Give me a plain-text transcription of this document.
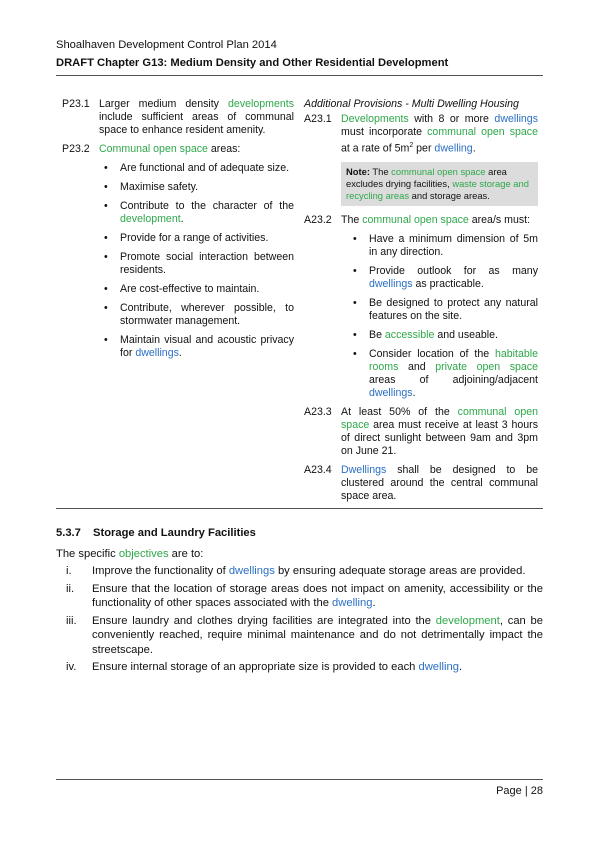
Shoalhaven Development Control Plan 2014
DRAFT Chapter G13: Medium Density and Other Residential Development
P23.1 Larger medium density developments include sufficient areas of communal space to enhance resident amenity.
P23.2 Communal open space areas:
• Are functional and of adequate size.
• Maximise safety.
• Contribute to the character of the development.
• Provide for a range of activities.
• Promote social interaction between residents.
• Are cost-effective to maintain.
• Contribute, wherever possible, to stormwater management.
• Maintain visual and acoustic privacy for dwellings.
Additional Provisions - Multi Dwelling Housing
A23.1 Developments with 8 or more dwellings must incorporate communal open space at a rate of $5m^2$ per dwelling.
Note: The communal open space area excludes drying facilities, waste storage and recycling areas and storage areas.
A23.2 The communal open space area/s must:
• Have a minimum dimension of 5m in any direction.
• Provide outlook for as many dwellings as practicable.
• Be designed to protect any natural features on the site.
• Be accessible and useable.
• Consider location of the habitable rooms and private open space areas of adjoining/adjacent dwellings.
A23.3 At least 50% of the communal open space area must receive at least 3 hours of direct sunlight between 9am and 3pm on June 21.
A23.4 Dwellings shall be designed to be clustered around the central communal space area.
5.3.7 Storage and Laundry Facilities
The specific objectives are to:
i.	Improve the functionality of dwellings by ensuring adequate storage areas are provided.
ii.	Ensure that the location of storage areas does not impact on amenity, accessibility or the functionality of other spaces associated with the dwelling.
iii.	Ensure laundry and clothes drying facilities are integrated into the development, can be conveniently reached, require minimal maintenance and do not detrimentally impact the streetscape.
iv.	Ensure internal storage of an appropriate size is provided to each dwelling.
Page | 28
